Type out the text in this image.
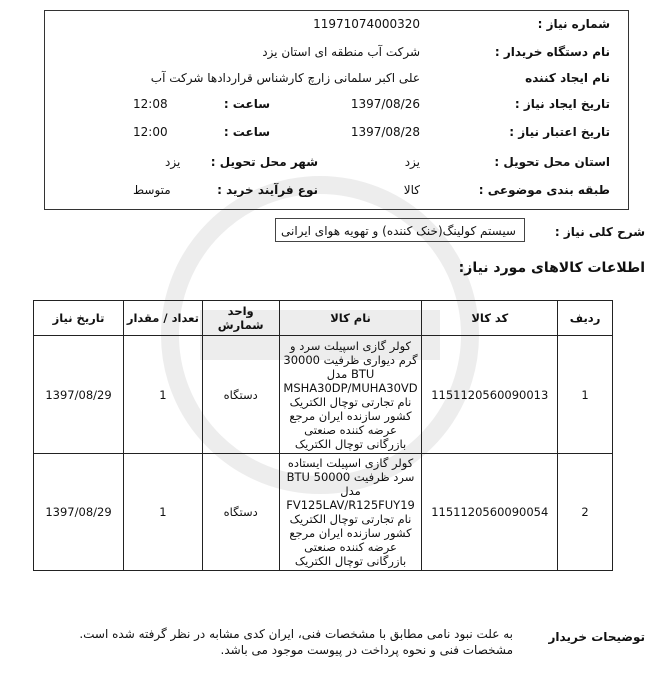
شماره نیاز :
11971074000320
نام دستگاه خریدار :
شرکت آب منطقه ای استان یزد
نام ایجاد کننده
علی اکبر سلمانی زارچ کارشناس قراردادها شرکت آب
تاریخ ایجاد نیاز :
1397/08/26
ساعت :
12:08
تاریخ اعتبار نیاز :
1397/08/28
ساعت :
12:00
استان محل تحویل :
یزد
شهر محل تحویل :
یزد
طبقه بندی موضوعی :
کالا
نوع فرآیند خرید :
متوسط
شرح کلی نیاز :
سیستم کولینگ(خنک کننده) و تهویه هوای ایرانی
اطلاعات کالاهای مورد نیاز:
ردیف	کد کالا	نام کالا	واحد شمارش	تعداد / مقدار	تاریخ نیاز
1	1151120560090013	کولر گازی اسپیلت سرد و گرم دیواری ظرفیت 30000 BTU مدل MSHA30DP/MUHA30VD نام تجارتی توچال الکتریک کشور سازنده ایران مرجع عرضه کننده صنعتی بازرگانی توچال الکتریک	دستگاه	1	1397/08/29
2	1151120560090054	کولر گازی اسپیلت ایستاده سرد ظرفیت 50000 BTU مدل FV125LAV/R125FUY19 نام تجارتی توچال الکتریک کشور سازنده ایران مرجع عرضه کننده صنعتی بازرگانی توچال الکتریک	دستگاه	1	1397/08/29
توضیحات خریدار
به علت نبود نامی مطابق با مشخصات فنی، ایران کدی مشابه در نظر گرفته شده است. مشخصات فنی و نحوه پرداخت در پیوست موجود می باشد.
